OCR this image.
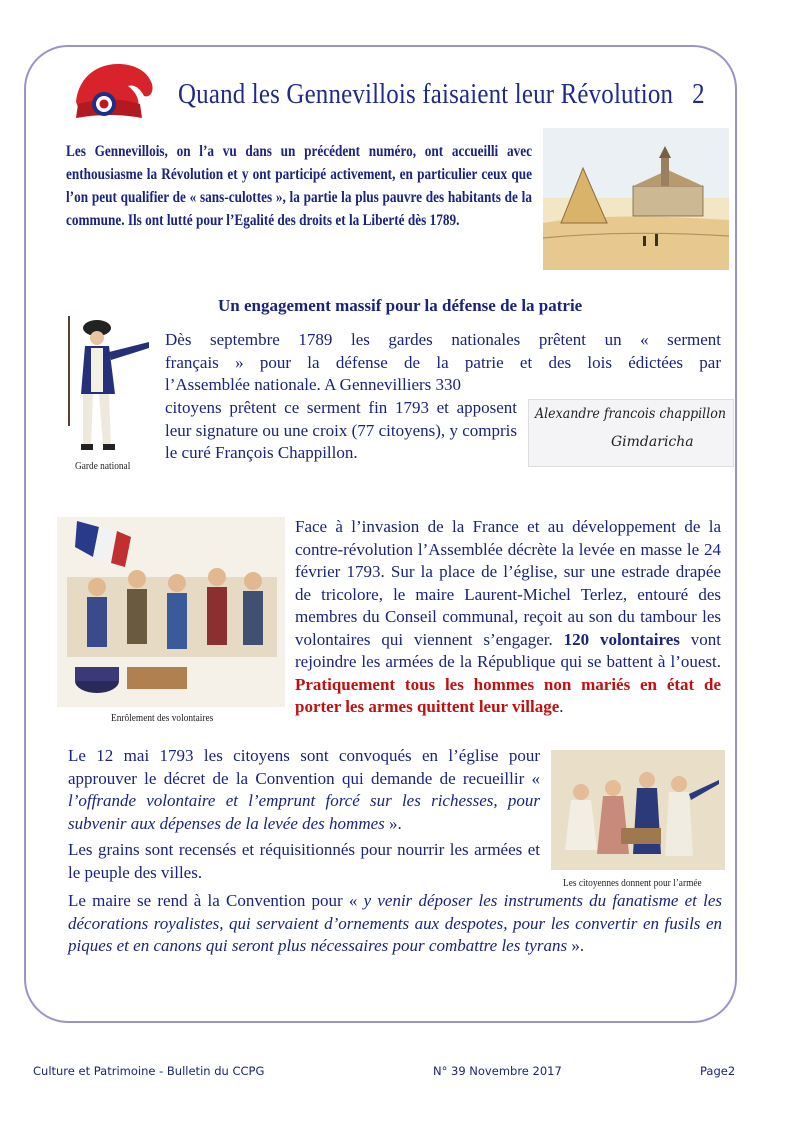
Quand les Gennevillois faisaient leur Révolution 2
Les Gennevillois, on l’a vu dans un précédent numéro, ont accueilli avec enthousiasme la Révolution et y ont participé activement, en particulier ceux que l’on peut qualifier de « sans-culottes », la partie la plus pauvre des habitants de la commune. Ils ont lutté pour l’Egalité des droits et la Liberté dès 1789.
Garde national
Un engagement massif pour la défense de la patrie
Dès septembre 1789 les gardes nationales prêtent un « serment
français » pour la défense de la patrie et des lois édictées par
l’Assemblée nationale. A Gennevilliers 330
citoyens prêtent ce serment fin 1793 et apposent leur signature ou une croix (77 citoyens), y compris le curé François Chappillon.
Alexandre francois chappillon
Gimdaricha
Enrôlement des volontaires
Face à l’invasion de la France et au développement de la contre-révolution l’Assemblée décrète la levée en masse le 24 février 1793. Sur la place de l’église, sur une estrade drapée de tricolore, le maire Laurent-Michel Terlez, entouré des membres du Conseil communal, reçoit au son du tambour les volontaires qui viennent s’engager. 120 volontaires vont rejoindre les armées de la République qui se battent à l’ouest. Pratiquement tous les hommes non mariés en état de porter les armes quittent leur village.
Le 12 mai 1793 les citoyens sont convoqués en l’église pour approuver le décret de la Convention qui demande de recueillir « l’offrande volontaire et l’emprunt forcé sur les richesses, pour subvenir aux dépenses de la levée des hommes ».
Les grains sont recensés et réquisitionnés pour nourrir les armées et le peuple des villes.
Les citoyennes donnent pour l’armée
Le maire se rend à la Convention pour « y venir déposer les instruments du fanatisme et les décorations royalistes, qui servaient d’ornements aux despotes, pour les convertir en fusils en piques et en canons qui seront plus nécessaires pour combattre les tyrans ».
Culture et Patrimoine - Bulletin du CCPG	N° 39 Novembre 2017	Page2
